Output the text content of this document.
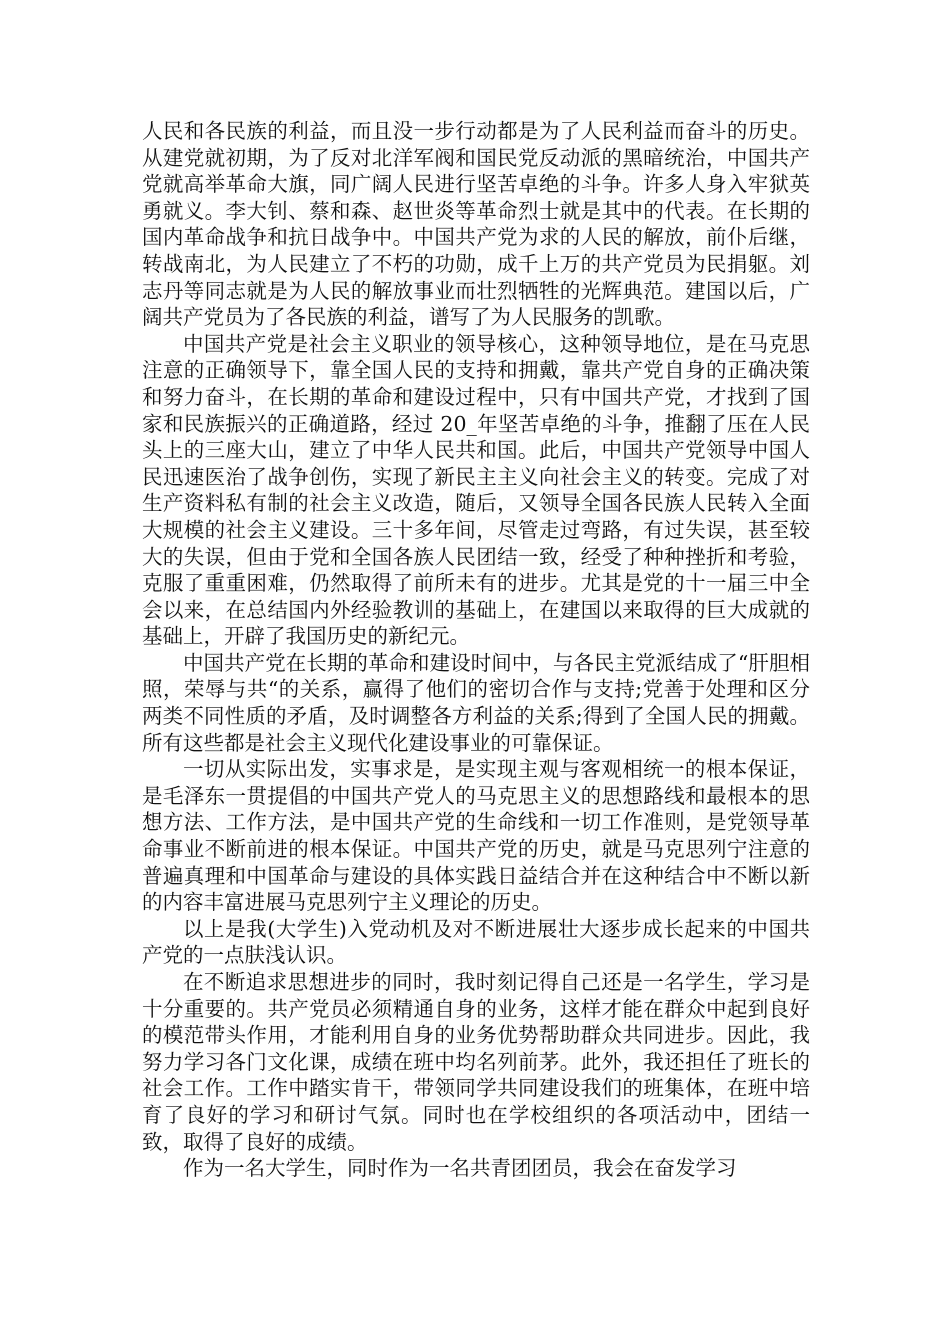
人民和各民族的利益，而且没一步行动都是为了人民利益而奋斗的历史。从建党就初期，为了反对北洋军阀和国民党反动派的黑暗统治，中国共产党就高举革命大旗，同广阔人民进行坚苦卓绝的斗争。许多人身入牢狱英勇就义。李大钊、蔡和森、赵世炎等革命烈士就是其中的代表。在长期的国内革命战争和抗日战争中。中国共产党为求的人民的解放，前仆后继，转战南北，为人民建立了不朽的功勋，成千上万的共产党员为民捐躯。刘志丹等同志就是为人民的解放事业而壮烈牺牲的光辉典范。建国以后，广阔共产党员为了各民族的利益，谱写了为人民服务的凯歌。

中国共产党是社会主义职业的领导核心，这种领导地位，是在马克思注意的正确领导下，靠全国人民的支持和拥戴，靠共产党自身的正确决策和努力奋斗，在长期的革命和建设过程中，只有中国共产党，才找到了国家和民族振兴的正确道路，经过 20_年坚苦卓绝的斗争，推翻了压在人民头上的三座大山，建立了中华人民共和国。此后，中国共产党领导中国人民迅速医治了战争创伤，实现了新民主主义向社会主义的转变。完成了对生产资料私有制的社会主义改造，随后，又领导全国各民族人民转入全面大规模的社会主义建设。三十多年间，尽管走过弯路，有过失误，甚至较大的失误，但由于党和全国各族人民团结一致，经受了种种挫折和考验，克服了重重困难，仍然取得了前所未有的进步。尤其是党的十一届三中全会以来，在总结国内外经验教训的基础上，在建国以来取得的巨大成就的基础上，开辟了我国历史的新纪元。

中国共产党在长期的革命和建设时间中，与各民主党派结成了“肝胆相照，荣辱与共“的关系，赢得了他们的密切合作与支持;党善于处理和区分两类不同性质的矛盾，及时调整各方利益的关系;得到了全国人民的拥戴。所有这些都是社会主义现代化建设事业的可靠保证。

一切从实际出发，实事求是，是实现主观与客观相统一的根本保证，是毛泽东一贯提倡的中国共产党人的马克思主义的思想路线和最根本的思想方法、工作方法，是中国共产党的生命线和一切工作准则，是党领导革命事业不断前进的根本保证。中国共产党的历史，就是马克思列宁注意的普遍真理和中国革命与建设的具体实践日益结合并在这种结合中不断以新的内容丰富进展马克思列宁主义理论的历史。

以上是我(大学生)入党动机及对不断进展壮大逐步成长起来的中国共产党的一点肤浅认识。

在不断追求思想进步的同时，我时刻记得自己还是一名学生，学习是十分重要的。共产党员必须精通自身的业务，这样才能在群众中起到良好的模范带头作用，才能利用自身的业务优势帮助群众共同进步。因此，我努力学习各门文化课，成绩在班中均名列前茅。此外，我还担任了班长的社会工作。工作中踏实肯干，带领同学共同建设我们的班集体，在班中培育了良好的学习和研讨气氛。同时也在学校组织的各项活动中，团结一致，取得了良好的成绩。

作为一名大学生，同时作为一名共青团团员，我会在奋发学习
